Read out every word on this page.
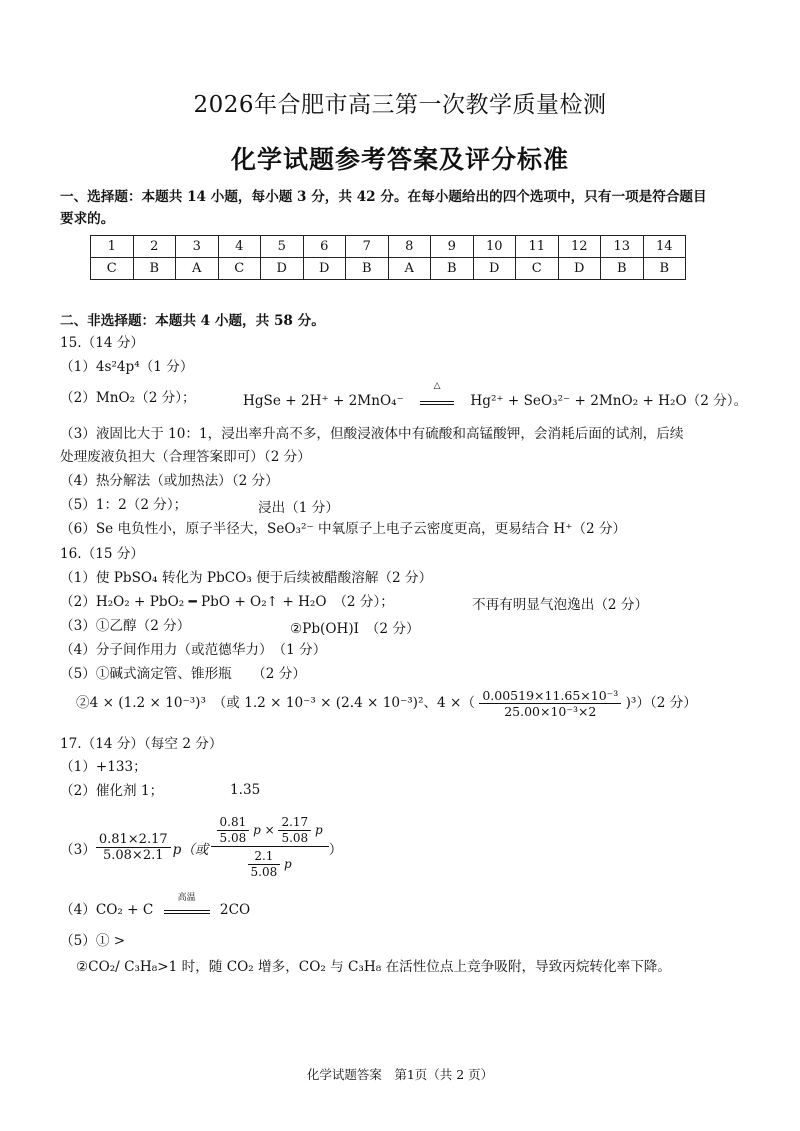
2026年合肥市高三第一次教学质量检测
化学试题参考答案及评分标准
一、选择题：本题共 14 小题，每小题 3 分，共 42 分。在每小题给出的四个选项中，只有一项是符合题目
要求的。
1	2	3	4	5	6	7	8	9	10	11	12	13	14
C	B	A	C	D	D	B	A	B	D	C	D	B	B
二、非选择题：本题共 4 小题，共 58 分。
15.（14 分）
（1）4s²4p⁴（1 分）
（2）MnO₂（2 分）；	HgSe + 2H⁺ + 2MnO₄⁻
△
Hg²⁺ + SeO₃²⁻ + 2MnO₂ + H₂O（2 分）。
（3）液固比大于 10：1，浸出率升高不多，但酸浸液体中有硫酸和高锰酸钾，会消耗后面的试剂，后续
处理废液负担大（合理答案即可）（2 分）
（4）热分解法（或加热法）（2 分）
（5）1：2（2 分）；	浸出（1 分）
（6）Se 电负性小，原子半径大，SeO₃²⁻ 中氧原子上电子云密度更高，更易结合 H⁺（2 分）
16.（15 分）
（1）使 PbSO₄ 转化为 PbCO₃ 便于后续被醋酸溶解（2 分）
（2）H₂O₂ + PbO₂ ━ PbO + O₂↑ + H₂O　（2 分）；	不再有明显气泡逸出（2 分）
（3）①乙醇（2 分）	②Pb(OH)I　（2 分）
（4）分子间作用力（或范德华力）　（1 分）
（5）①碱式滴定管、锥形瓶　　（2 分）
②4 × (1.2 × 10⁻³)³　（或 1.2 × 10⁻³ × (2.4 × 10⁻³)²、4 ×（ $\frac{\text{0.00519×11.65×10⁻³}}{\text{25.00×10⁻³×2}} )^3)(2$ 分）
17.（14 分）（每空 2 分）
（1）+133；
（2）催化剂 1；	1.35
（3）	$\frac{0.81\times 2.17}{5.08\times 2.1}$	p（或	
$\frac{0.81}{5.08}$ $p \times \frac{2.17}{5.08}$ p
$\frac{2.1}{5.08}$ p
	）
（4）CO₂ + C
高温
2CO
（5）① >
②CO₂/ C₃H₈>1 时，随 CO₂ 增多，CO₂ 与 C₃H₈ 在活性位点上竞争吸附，导致丙烷转化率下降。
化学试题答案　第1页（共 2 页）
